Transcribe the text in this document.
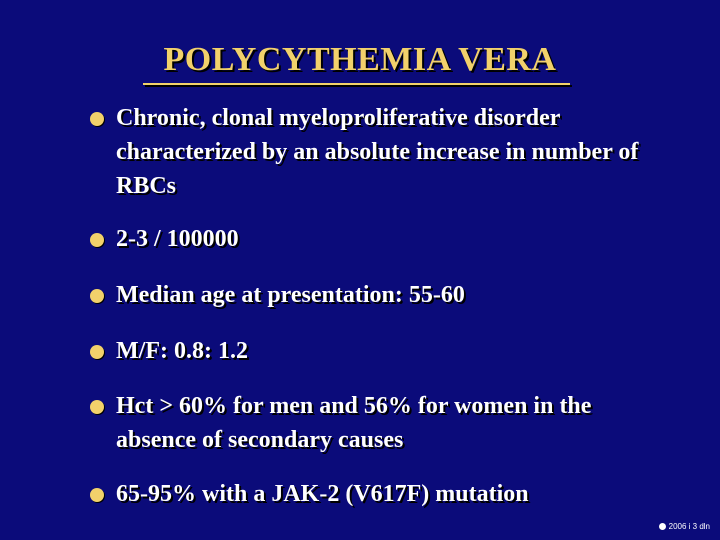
POLYCYTHEMIA VERA
Chronic, clonal myeloproliferative disorder characterized by an absolute increase in number of RBCs
2-3 / 100000
Median age at presentation: 55-60
M/F: 0.8: 1.2
Hct > 60% for men and 56% for women in the absence of secondary causes
65-95% with a JAK-2 (V617F) mutation
2006 i 3 dln
